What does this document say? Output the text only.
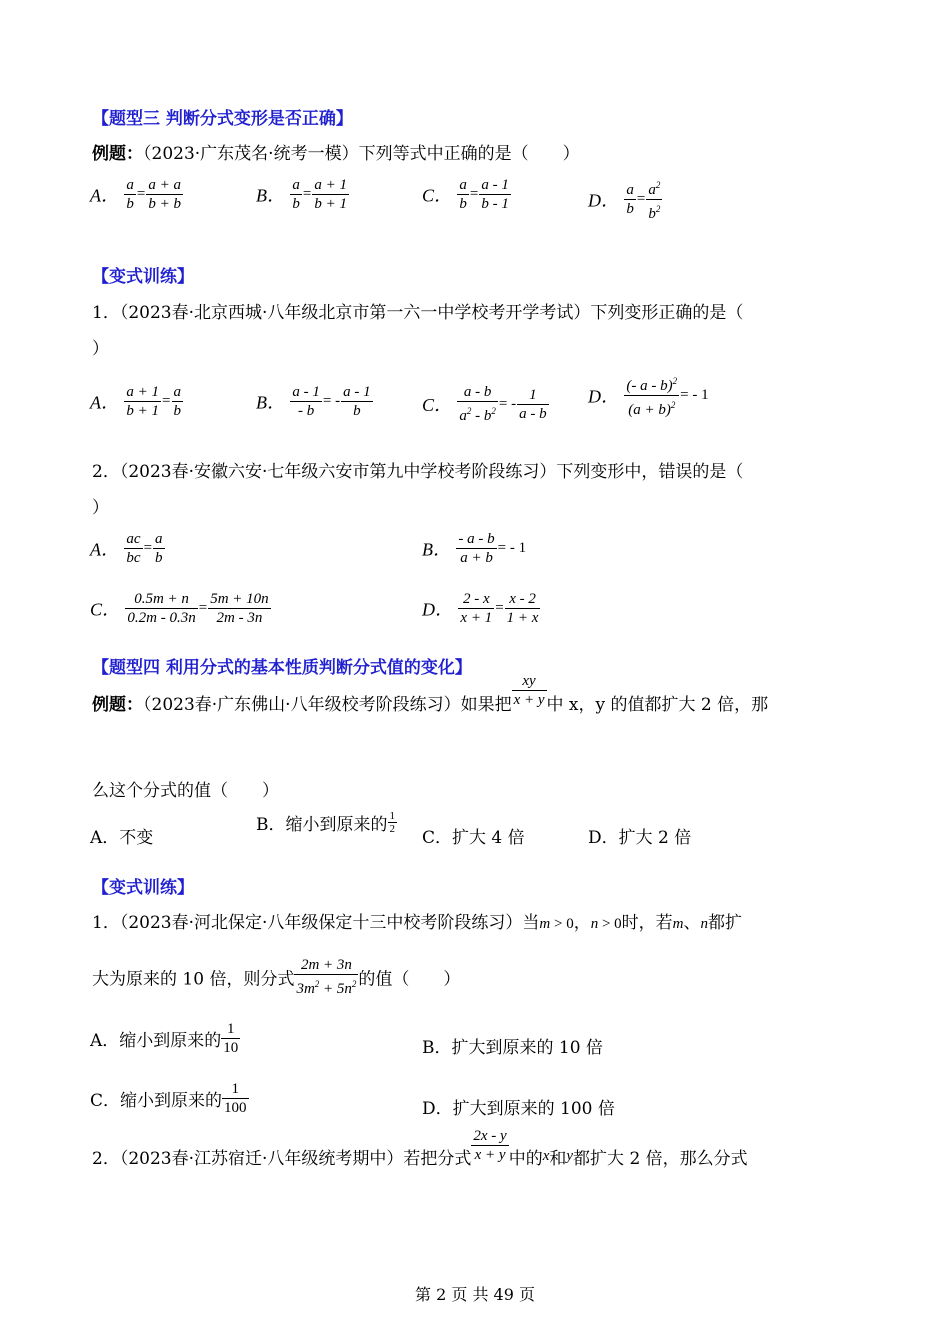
【题型三 判断分式变形是否正确】
例题：（2023·广东茂名·统考一模）下列等式中正确的是（　　）
A． $\frac{a}{b} = \frac{a + a}{b + b}$	B． $\frac{a}{b} = \frac{a + 1}{b + 1}$	C． $\frac{a}{b} = \frac{a - 1}{b - 1}$	D． $\frac{a}{b} = \frac{a^2}{b^2}$
【变式训练】
1．（2023春·北京西城·八年级北京市第一六一中学校考开学考试）下列变形正确的是（
）
A． $\frac{a + 1}{b + 1} = \frac{a}{b}$	B． $\frac{a - 1}{- b}$ = - $\frac{a - 1}{b}$	C． $\frac{a - b}{a^2 - b^2}$ = - $\frac{1}{a - b}$ D． $\frac{(- a - b)^2}{(a + b)^2}$ = - 1
2．（2023春·安徽六安·七年级六安市第九中学校考阶段练习）下列变形中，错误的是（
）
A． $\frac{ac}{bc} = \frac{a}{b}$	B． $\frac{- a - b}{a + b}$ = - 1
C． $\frac{0.5m + n}{0.2m - 0.3n} = \frac{5m + 10n}{2m - 3n}$	D． $\frac{2 - x}{x + 1} = \frac{x - 2}{1 + x}$
【题型四 利用分式的基本性质判断分式值的变化】
例题：（2023春·广东佛山·八年级校考阶段练习）如果把 $\frac{xy}{x + y}$ 中 x，y 的值都扩大 2 倍，那
么这个分式的值（　　）
A．不变
B．缩小到原来的 $\frac{1}{2}$
C．扩大 4 倍	D．扩大 2 倍
【变式训练】
1．（2023春·河北保定·八年级保定十三中校考阶段练习）当m > 0，n > 0时，若m、n都扩
大为原来的 10 倍，则分式 $\frac{2m + 3n}{3m^2 + 5n^2}$ 的值（　　）
A．缩小到原来的 $\frac{1}{10}$	B．扩大到原来的 10 倍
C．缩小到原来的 $\frac{1}{100}$	D．扩大到原来的 100 倍
2．（2023春·江苏宿迁·八年级统考期中）若把分式 $\frac{2x - y}{x + y}$ 中的x和y都扩大 2 倍，那么分式
第 2 页 共 49 页
